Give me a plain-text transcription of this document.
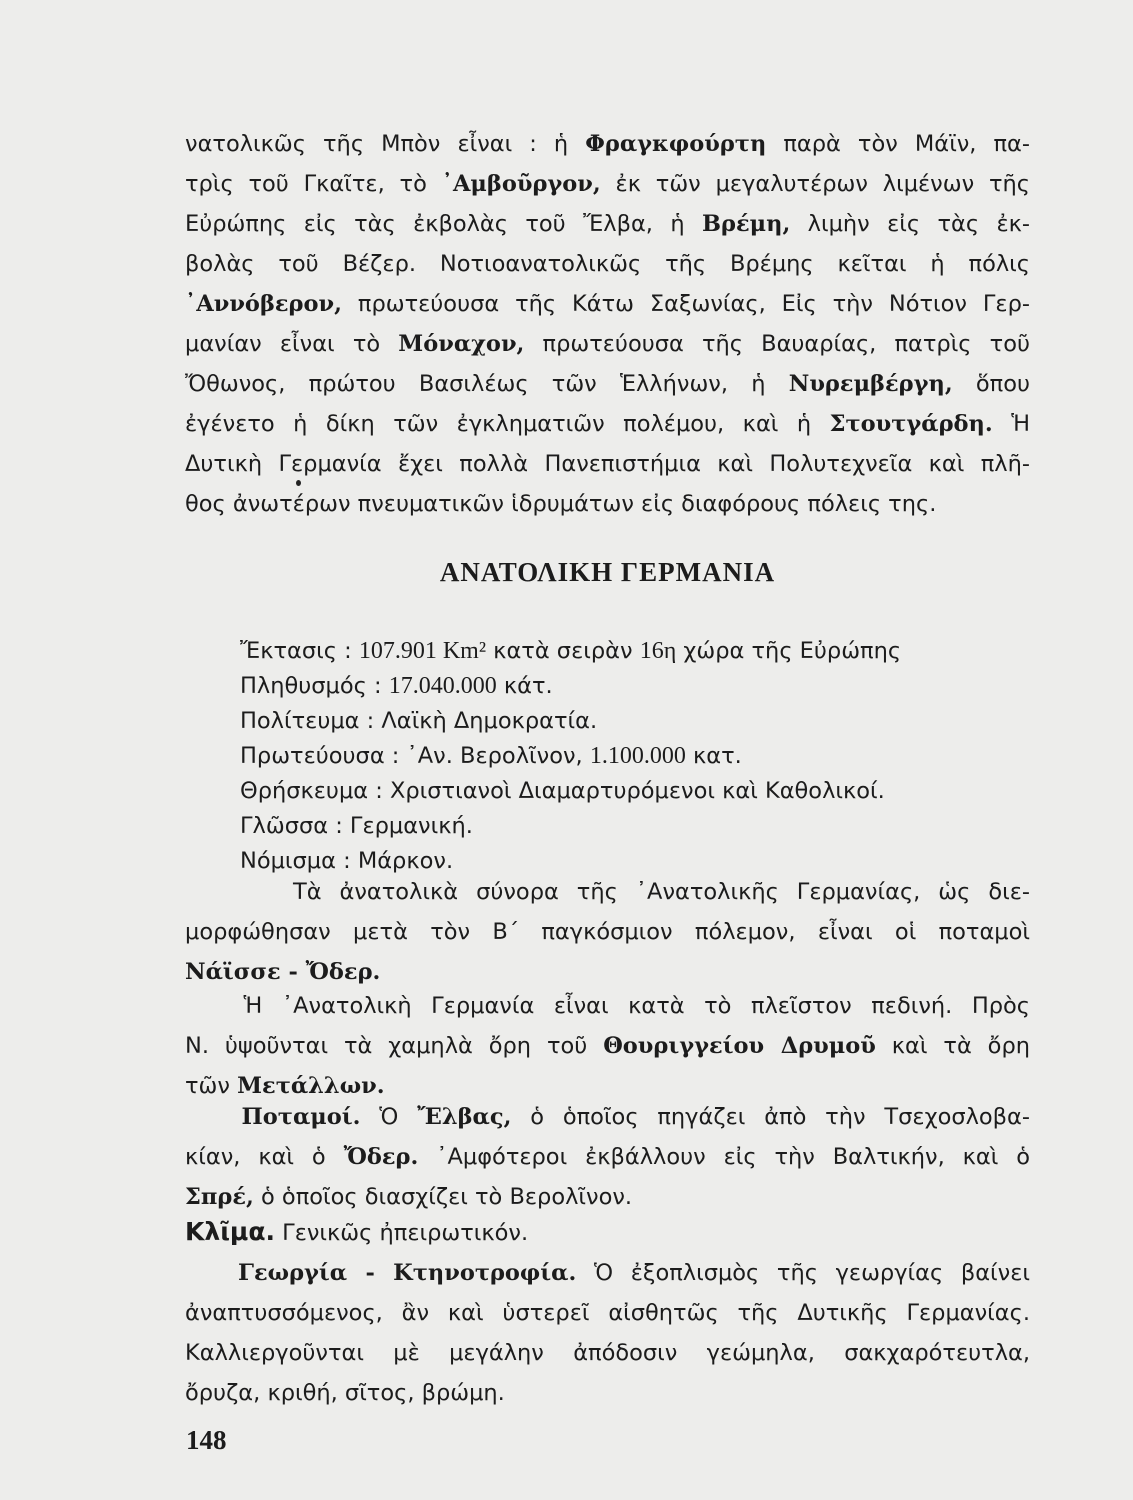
νατολικῶς τῆς Μπὸν εἶναι : ἡ Φραγκφούρτη παρὰ τὸν Μάϊν, πα-
τρὶς τοῦ Γκαῖτε, τὸ ᾿Αμβοῦργον, ἐκ τῶν μεγαλυτέρων λιμένων τῆς
Εὐρώπης εἰς τὰς ἐκβολὰς τοῦ Ἔλβα, ἡ Βρέμη, λιμὴν εἰς τὰς ἐκ-
βολὰς τοῦ Βέζερ. Νοτιοανατολικῶς τῆς Βρέμης κεῖται ἡ πόλις
᾿Αννόβερον, πρωτεύουσα τῆς Κάτω Σαξωνίας, Εἰς τὴν Νότιον Γερ-
μανίαν εἶναι τὸ Μόναχον, πρωτεύουσα τῆς Βαυαρίας, πατρὶς τοῦ
Ὄθωνος, πρώτου Βασιλέως τῶν Ἑλλήνων, ἡ Νυρεμβέργη, ὅπου
ἐγένετο ἡ δίκη τῶν ἐγκληματιῶν πολέμου, καὶ ἡ Στουτγάρδη. Ἡ
Δυτικὴ Γερμανία ἔχει πολλὰ Πανεπιστήμια καὶ Πολυτεχνεῖα καὶ πλῆ-
θος ἀνωτέρων πνευματικῶν ἱδρυμάτων εἰς διαφόρους πόλεις της.
ΑΝΑΤΟΛΙΚΗ ΓΕΡΜΑΝΙΑ
Ἔκτασις : 107.901 Km² κατὰ σειρὰν 16η χώρα τῆς Εὐρώπης
Πληθυσμός : 17.040.000 κάτ.
Πολίτευμα : Λαϊκὴ Δημοκρατία.
Πρωτεύουσα : ᾿Αν. Βερολῖνον, 1.100.000 κατ.
Θρήσκευμα : Χριστιανοὶ Διαμαρτυρόμενοι καὶ Καθολικοί.
Γλῶσσα : Γερμανική.
Νόμισμα : Μάρκον.
Τὰ ἀνατολικὰ σύνορα τῆς ᾿Ανατολικῆς Γερμανίας, ὡς διε-
μορφώθησαν μετὰ τὸν Β´ παγκόσμιον πόλεμον, εἶναι οἱ ποταμοὶ
Νάϊσσε - Ὄδερ.
Ἡ ᾿Ανατολικὴ Γερμανία εἶναι κατὰ τὸ πλεῖστον πεδινή. Πρὸς
Ν. ὑψοῦνται τὰ χαμηλὰ ὄρη τοῦ Θουριγγείου Δρυμοῦ καὶ τὰ ὄρη
τῶν Μετάλλων.
Ποταμοί. Ὁ Ἔλβας, ὁ ὁποῖος πηγάζει ἀπὸ τὴν Τσεχοσλοβα-
κίαν, καὶ ὁ Ὄδερ. ᾿Αμφότεροι ἐκβάλλουν εἰς τὴν Βαλτικήν, καὶ ὁ
Σπρέ, ὁ ὁποῖος διασχίζει τὸ Βερολῖνον.
Κλῖμα. Γενικῶς ἠπειρωτικόν.
Γεωργία - Κτηνοτροφία. Ὁ ἐξοπλισμὸς τῆς γεωργίας βαίνει
ἀναπτυσσόμενος, ἂν καὶ ὑστερεῖ αἰσθητῶς τῆς Δυτικῆς Γερμανίας.
Καλλιεργοῦνται μὲ μεγάλην ἀπόδοσιν γεώμηλα, σακχαρότευτλα,
ὄρυζα, κριθή, σῖτος, βρώμη.
148
